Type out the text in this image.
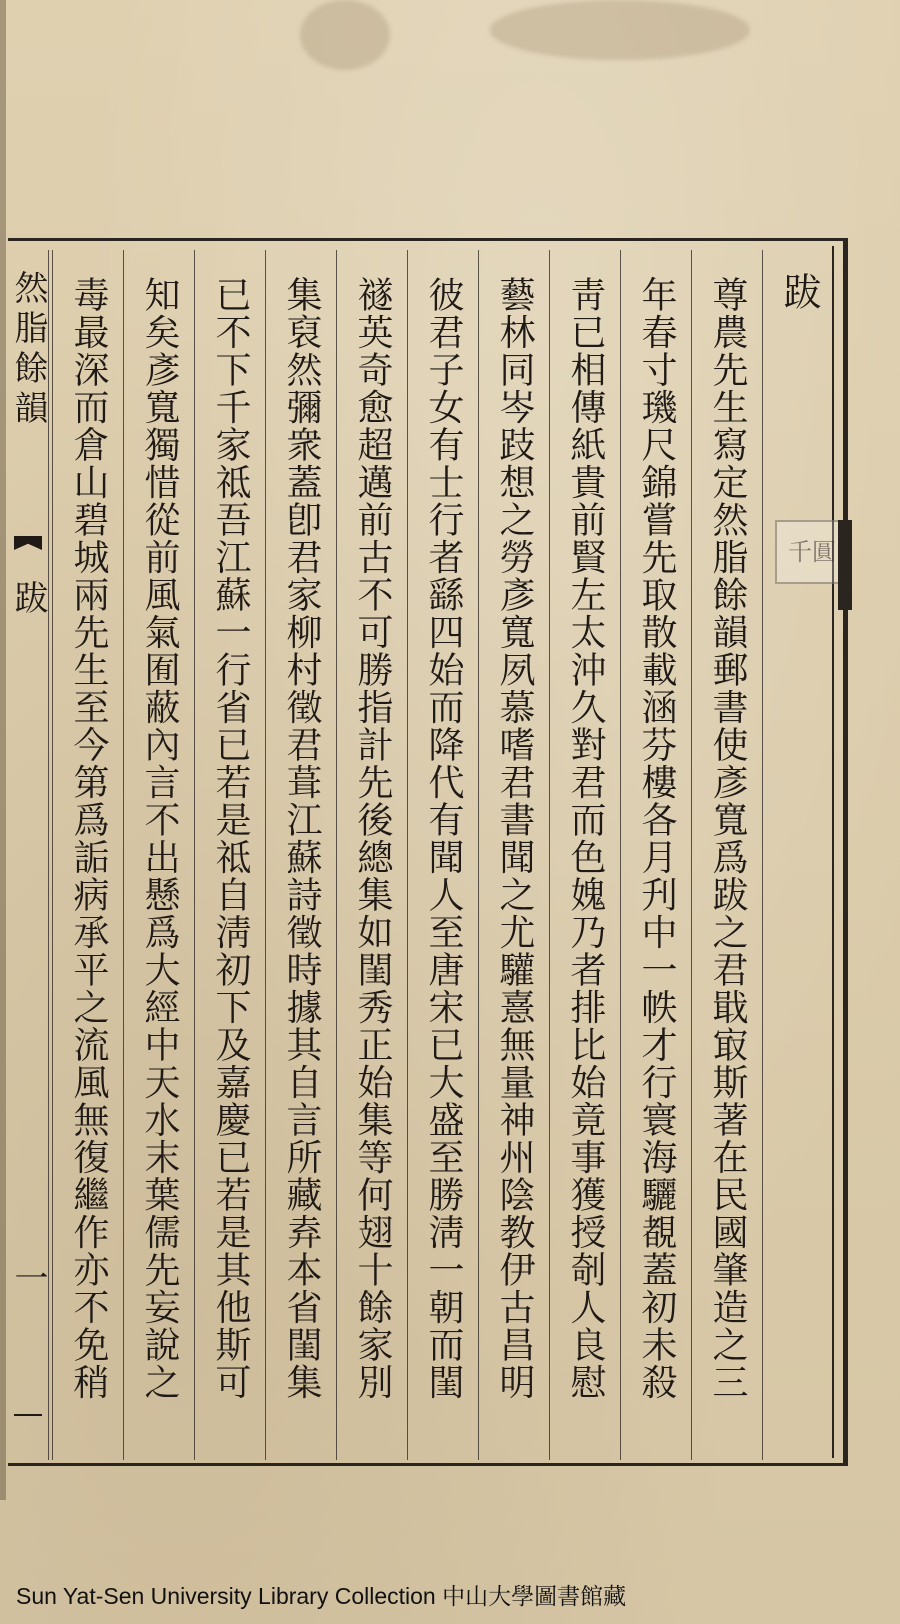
然脂餘韻
跋
一
跋
尊農先生寫定然脂餘韻郵書使彥寬爲跋之君戢㝡斯著在民國肇造之三
年春寸璣尺錦嘗先取散載涵芬樓各月刋中一帙才行寰海驪覩蓋初未殺
靑已相傳紙貴前賢左太沖久對君而色媿乃者排比始竟事獲授剞人良慰
藝林同岑跂想之勞彥寬夙慕嗜君書聞之尤驩憙無量神州陰教伊古昌明
彼君子女有士行者繇四始而降代有聞人至唐宋已大盛至勝淸一朝而閨
禭英奇愈超邁前古不可勝指計先後總集如閨秀正始集等何翅十餘家別
集裒然彌衆蓋卽君家柳村徵君葺江蘇詩徵時據其自言所藏弆本省閨集
已不下千家祗吾江蘇一行省已若是祗自淸初下及嘉慶已若是其他斯可
知矣彥寬獨惜從前風氣囿蔽內言不出懸爲大經中天水末葉儒先妄說之
毒最深而倉山碧城兩先生至今第爲詬病承平之流風無復繼作亦不免稍	千圓
Sun Yat-Sen University Library Collection 中山大學圖書館藏
